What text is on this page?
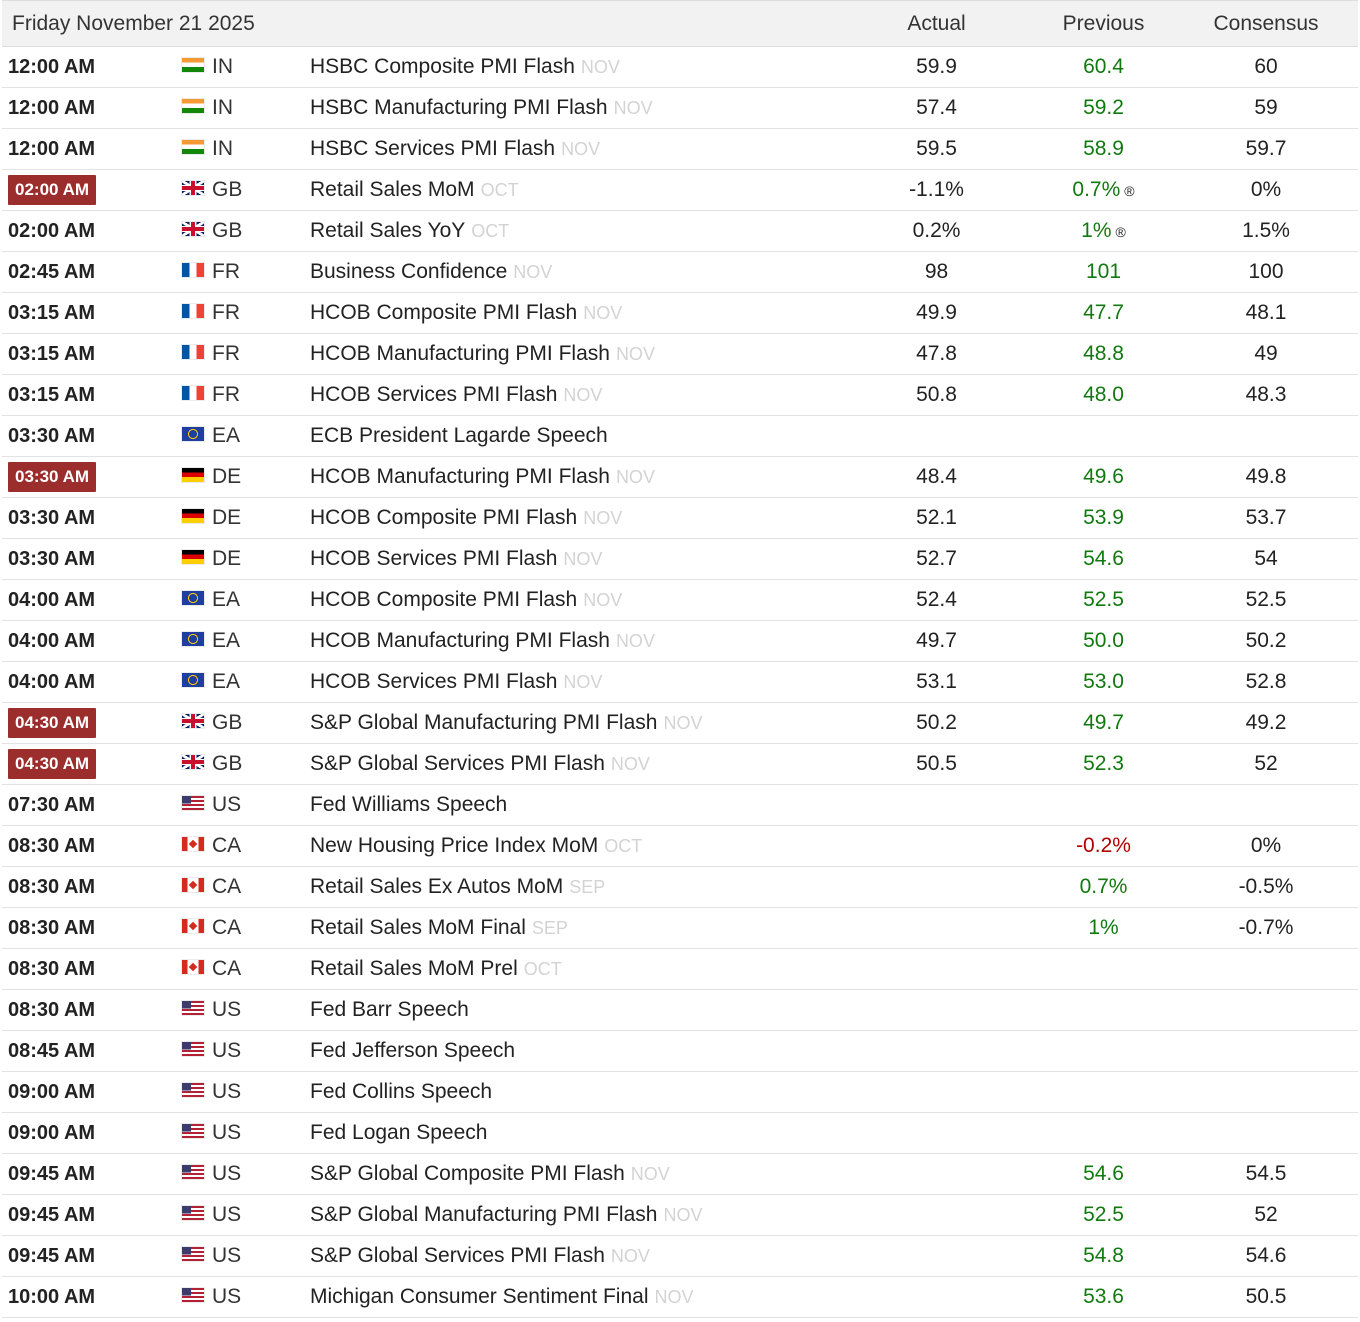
Friday November 21 2025			Actual	Previous	Consensus
12:00 AM	IN	HSBC Composite PMI Flash NOV	59.9	60.4	60
12:00 AM	IN	HSBC Manufacturing PMI Flash NOV	57.4	59.2	59
12:00 AM	IN	HSBC Services PMI Flash NOV	59.5	58.9	59.7
02:00 AM	GB	Retail Sales MoM OCT	-1.1%	0.7% ®	0%
02:00 AM	GB	Retail Sales YoY OCT	0.2%	1% ®	1.5%
02:45 AM	FR	Business Confidence NOV	98	101	100
03:15 AM	FR	HCOB Composite PMI Flash NOV	49.9	47.7	48.1
03:15 AM	FR	HCOB Manufacturing PMI Flash NOV	47.8	48.8	49
03:15 AM	FR	HCOB Services PMI Flash NOV	50.8	48.0	48.3
03:30 AM	EA	ECB President Lagarde Speech			
03:30 AM	DE	HCOB Manufacturing PMI Flash NOV	48.4	49.6	49.8
03:30 AM	DE	HCOB Composite PMI Flash NOV	52.1	53.9	53.7
03:30 AM	DE	HCOB Services PMI Flash NOV	52.7	54.6	54
04:00 AM	EA	HCOB Composite PMI Flash NOV	52.4	52.5	52.5
04:00 AM	EA	HCOB Manufacturing PMI Flash NOV	49.7	50.0	50.2
04:00 AM	EA	HCOB Services PMI Flash NOV	53.1	53.0	52.8
04:30 AM	GB	S&P Global Manufacturing PMI Flash NOV	50.2	49.7	49.2
04:30 AM	GB	S&P Global Services PMI Flash NOV	50.5	52.3	52
07:30 AM	US	Fed Williams Speech			
08:30 AM	CA	New Housing Price Index MoM OCT		-0.2%	0%
08:30 AM	CA	Retail Sales Ex Autos MoM SEP		0.7%	-0.5%
08:30 AM	CA	Retail Sales MoM Final SEP		1%	-0.7%
08:30 AM	CA	Retail Sales MoM Prel OCT			
08:30 AM	US	Fed Barr Speech			
08:45 AM	US	Fed Jefferson Speech			
09:00 AM	US	Fed Collins Speech			
09:00 AM	US	Fed Logan Speech			
09:45 AM	US	S&P Global Composite PMI Flash NOV		54.6	54.5
09:45 AM	US	S&P Global Manufacturing PMI Flash NOV		52.5	52
09:45 AM	US	S&P Global Services PMI Flash NOV		54.8	54.6
10:00 AM	US	Michigan Consumer Sentiment Final NOV		53.6	50.5
